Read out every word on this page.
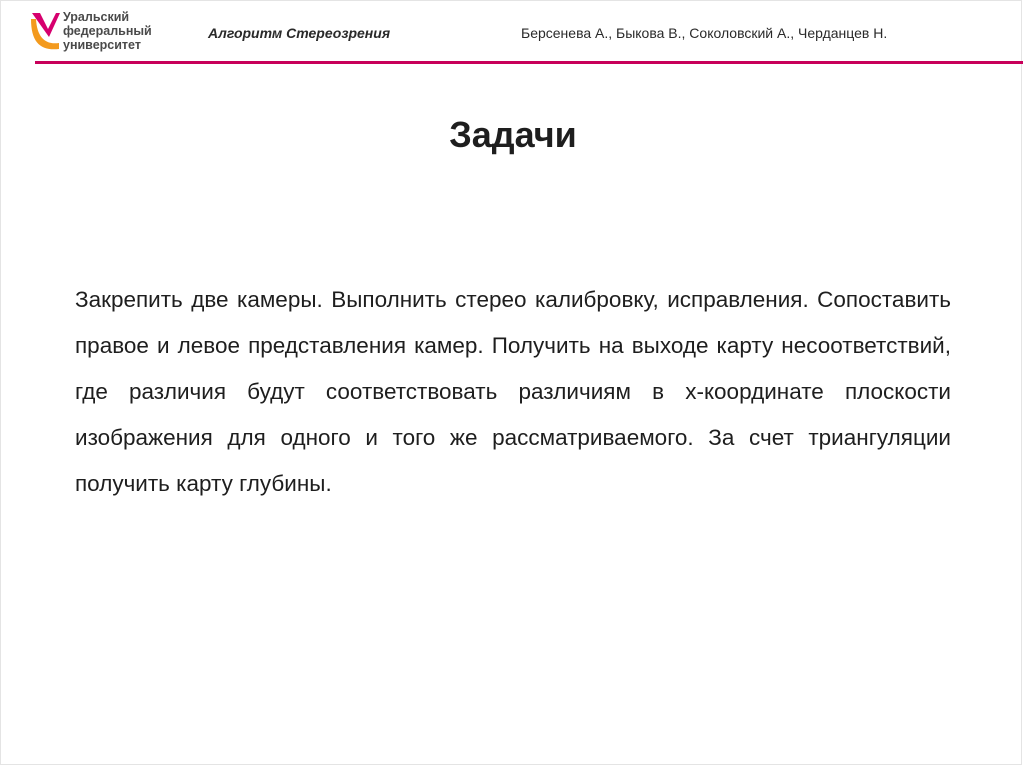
Уральский
федеральный
университет
Алгоритм Стереозрения	Берсенева А., Быкова В., Соколовский А., Черданцев Н.
Задачи

Закрепить две камеры. Выполнить стерео калибровку, исправления. Сопоставить правое и левое представления камер. Получить на выходе карту несоответствий, где различия будут соответствовать различиям в x-координате плоскости изображения для одного и того же рассматриваемого. За счет триангуляции получить карту глубины.
